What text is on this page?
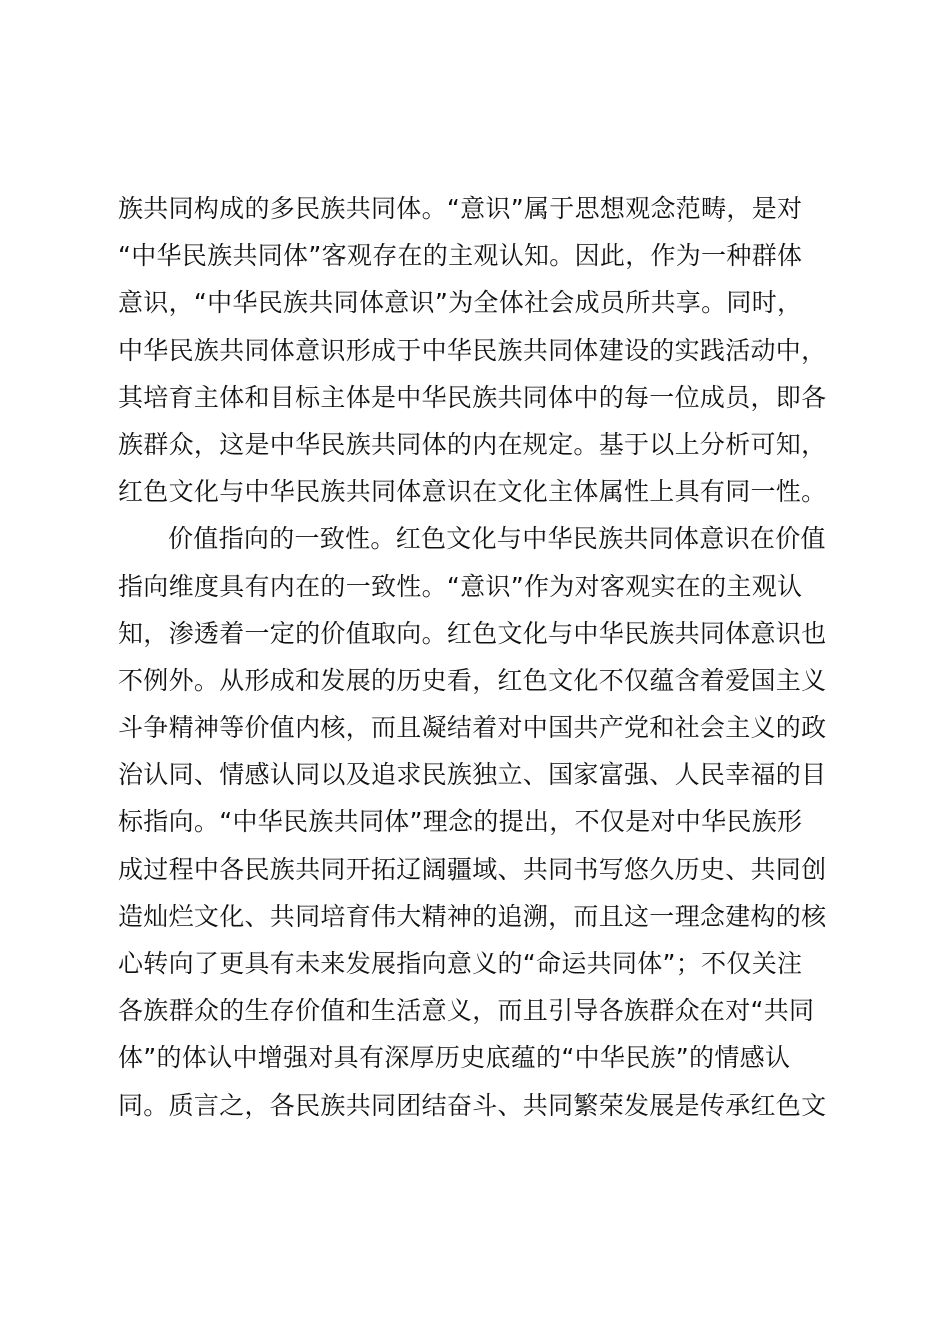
族共同构成的多民族共同体。“意识”属于思想观念范畴，是对
“中华民族共同体”客观存在的主观认知。因此，作为一种群体
意识，“中华民族共同体意识”为全体社会成员所共享。同时，
中华民族共同体意识形成于中华民族共同体建设的实践活动中，
其培育主体和目标主体是中华民族共同体中的每一位成员，即各
族群众，这是中华民族共同体的内在规定。基于以上分析可知，
红色文化与中华民族共同体意识在文化主体属性上具有同一性。
价值指向的一致性。红色文化与中华民族共同体意识在价值
指向维度具有内在的一致性。“意识”作为对客观实在的主观认
知，渗透着一定的价值取向。红色文化与中华民族共同体意识也
不例外。从形成和发展的历史看，红色文化不仅蕴含着爱国主义
斗争精神等价值内核，而且凝结着对中国共产党和社会主义的政
治认同、情感认同以及追求民族独立、国家富强、人民幸福的目
标指向。“中华民族共同体”理念的提出，不仅是对中华民族形
成过程中各民族共同开拓辽阔疆域、共同书写悠久历史、共同创
造灿烂文化、共同培育伟大精神的追溯，而且这一理念建构的核
心转向了更具有未来发展指向意义的“命运共同体”；不仅关注
各族群众的生存价值和生活意义，而且引导各族群众在对“共同
体”的体认中增强对具有深厚历史底蕴的“中华民族”的情感认
同。质言之，各民族共同团结奋斗、共同繁荣发展是传承红色文
